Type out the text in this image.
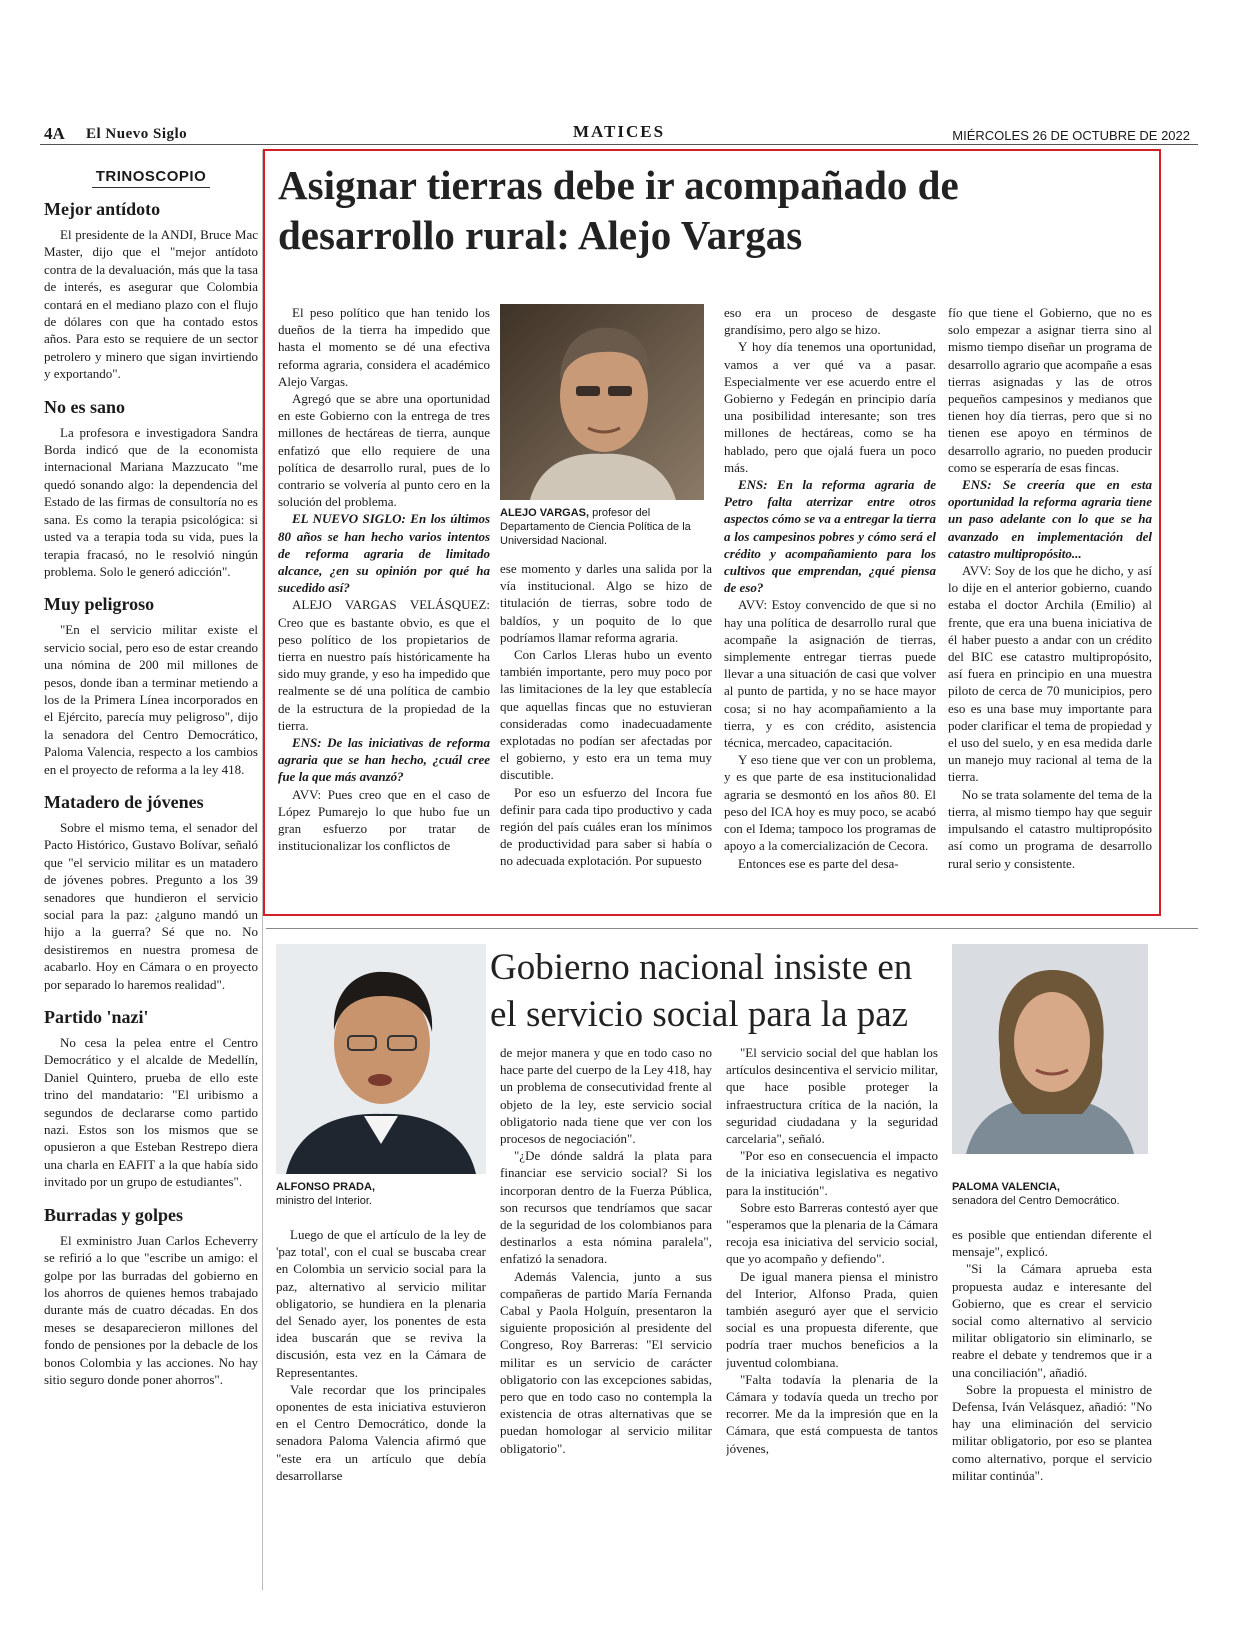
4A El Nuevo Siglo	MATICES	MIÉRCOLES 26 DE OCTUBRE DE 2022
TRINOSCOPIO
Mejor antídoto

El presidente de la ANDI, Bruce Mac Master, dijo que el "mejor antídoto contra de la devaluación, más que la tasa de interés, es asegurar que Colombia contará en el mediano plazo con el flujo de dólares con que ha contado estos años. Para esto se requiere de un sector petrolero y minero que sigan invirtiendo y exportando".

No es sano

La profesora e investigadora Sandra Borda indicó que de la economista internacional Mariana Mazzucato "me quedó sonando algo: la dependencia del Estado de las firmas de consultoría no es sana. Es como la terapia psicológica: si usted va a terapia toda su vida, pues la terapia fracasó, no le resolvió ningún problema. Solo le generó adicción".

Muy peligroso

"En el servicio militar existe el servicio social, pero eso de estar creando una nómina de 200 mil millones de pesos, donde iban a terminar metiendo a los de la Primera Línea incorporados en el Ejército, parecía muy peligroso", dijo la senadora del Centro Democrático, Paloma Valencia, respecto a los cambios en el proyecto de reforma a la ley 418.

Matadero de jóvenes

Sobre el mismo tema, el senador del Pacto Histórico, Gustavo Bolívar, señaló que "el servicio militar es un matadero de jóvenes pobres. Pregunto a los 39 senadores que hundieron el servicio social para la paz: ¿alguno mandó un hijo a la guerra? Sé que no. No desistiremos en nuestra promesa de acabarlo. Hoy en Cámara o en proyecto por separado lo haremos realidad".

Partido 'nazi'

No cesa la pelea entre el Centro Democrático y el alcalde de Medellín, Daniel Quintero, prueba de ello este trino del mandatario: "El uribismo a segundos de declararse como partido nazi. Estos son los mismos que se opusieron a que Esteban Restrepo diera una charla en EAFIT a la que había sido invitado por un grupo de estudiantes".

Burradas y golpes

El exministro Juan Carlos Echeverry se refirió a lo que "escribe un amigo: el golpe por las burradas del gobierno en los ahorros de quienes hemos trabajado durante más de cuatro décadas. En dos meses se desaparecieron millones del fondo de pensiones por la debacle de los bonos Colombia y las acciones. No hay sitio seguro donde poner ahorros".

Asignar tierras debe ir acompañado de desarrollo rural: Alejo Vargas

El peso político que han tenido los dueños de la tierra ha impedido que hasta el momento se dé una efectiva reforma agraria, considera el académico Alejo Vargas.

Agregó que se abre una oportunidad en este Gobierno con la entrega de tres millones de hectáreas de tierra, aunque enfatizó que ello requiere de una política de desarrollo rural, pues de lo contrario se volvería al punto cero en la solución del problema.

EL NUEVO SIGLO: En los últimos 80 años se han hecho varios intentos de reforma agraria de limitado alcance, ¿en su opinión por qué ha sucedido así?

ALEJO VARGAS VELÁSQUEZ: Creo que es bastante obvio, es que el peso político de los propietarios de tierra en nuestro país históricamente ha sido muy grande, y eso ha impedido que realmente se dé una política de cambio de la estructura de la propiedad de la tierra.

ENS: De las iniciativas de reforma agraria que se han hecho, ¿cuál cree fue la que más avanzó?

AVV: Pues creo que en el caso de López Pumarejo lo que hubo fue un gran esfuerzo por tratar de institucionalizar los conflictos de

ALEJO VARGAS, profesor del Departamento de Ciencia Política de la Universidad Nacional.

ese momento y darles una salida por la vía institucional. Algo se hizo de titulación de tierras, sobre todo de baldíos, y un poquito de lo que podríamos llamar reforma agraria.

Con Carlos Lleras hubo un evento también importante, pero muy poco por las limitaciones de la ley que establecía que aquellas fincas que no estuvieran consideradas como inadecuadamente explotadas no podían ser afectadas por el gobierno, y esto era un tema muy discutible.

Por eso un esfuerzo del Incora fue definir para cada tipo productivo y cada región del país cuáles eran los mínimos de productividad para saber si había o no adecuada explotación. Por supuesto

eso era un proceso de desgaste grandísimo, pero algo se hizo.

Y hoy día tenemos una oportunidad, vamos a ver qué va a pasar. Especialmente ver ese acuerdo entre el Gobierno y Fedegán en principio daría una posibilidad interesante; son tres millones de hectáreas, como se ha hablado, pero que ojalá fuera un poco más.

ENS: En la reforma agraria de Petro falta aterrizar entre otros aspectos cómo se va a entregar la tierra a los campesinos pobres y cómo será el crédito y acompañamiento para los cultivos que emprendan, ¿qué piensa de eso?

AVV: Estoy convencido de que si no hay una política de desarrollo rural que acompañe la asignación de tierras, simplemente entregar tierras puede llevar a una situación de casi que volver al punto de partida, y no se hace mayor cosa; si no hay acompañamiento a la tierra, y es con crédito, asistencia técnica, mercadeo, capacitación.

Y eso tiene que ver con un problema, y es que parte de esa institucionalidad agraria se desmontó en los años 80. El peso del ICA hoy es muy poco, se acabó con el Idema; tampoco los programas de apoyo a la comercialización de Cecora.

Entonces ese es parte del desa-

fío que tiene el Gobierno, que no es solo empezar a asignar tierra sino al mismo tiempo diseñar un programa de desarrollo agrario que acompañe a esas tierras asignadas y las de otros pequeños campesinos y medianos que tienen hoy día tierras, pero que si no tienen ese apoyo en términos de desarrollo agrario, no pueden producir como se esperaría de esas fincas.

ENS: Se creería que en esta oportunidad la reforma agraria tiene un paso adelante con lo que se ha avanzado en implementación del catastro multipropósito...

AVV: Soy de los que he dicho, y así lo dije en el anterior gobierno, cuando estaba el doctor Archila (Emilio) al frente, que era una buena iniciativa de él haber puesto a andar con un crédito del BIC ese catastro multipropósito, así fuera en principio en una muestra piloto de cerca de 70 municipios, pero eso es una base muy importante para poder clarificar el tema de propiedad y el uso del suelo, y en esa medida darle un manejo muy racional al tema de la tierra.

No se trata solamente del tema de la tierra, al mismo tiempo hay que seguir impulsando el catastro multipropósito así como un programa de desarrollo rural serio y consistente.

ALFONSO PRADA,
ministro del Interior.
Gobierno nacional insiste en el servicio social para la paz
PALOMA VALENCIA,
senadora del Centro Democrático.

Luego de que el artículo de la ley de 'paz total', con el cual se buscaba crear en Colombia un servicio social para la paz, alternativo al servicio militar obligatorio, se hundiera en la plenaria del Senado ayer, los ponentes de esta idea buscarán que se reviva la discusión, esta vez en la Cámara de Representantes.

Vale recordar que los principales oponentes de esta iniciativa estuvieron en el Centro Democrático, donde la senadora Paloma Valencia afirmó que "este era un artículo que debía desarrollarse

de mejor manera y que en todo caso no hace parte del cuerpo de la Ley 418, hay un problema de consecutividad frente al objeto de la ley, este servicio social obligatorio nada tiene que ver con los procesos de negociación".

"¿De dónde saldrá la plata para financiar ese servicio social? Si los incorporan dentro de la Fuerza Pública, son recursos que tendríamos que sacar de la seguridad de los colombianos para destinarlos a esta nómina paralela", enfatizó la senadora.

Además Valencia, junto a sus compañeras de partido María Fernanda Cabal y Paola Holguín, presentaron la siguiente proposición al presidente del Congreso, Roy Barreras: "El servicio militar es un servicio de carácter obligatorio con las excepciones sabidas, pero que en todo caso no contempla la existencia de otras alternativas que se puedan homologar al servicio militar obligatorio".

"El servicio social del que hablan los artículos desincentiva el servicio militar, que hace posible proteger la infraestructura crítica de la nación, la seguridad ciudadana y la seguridad carcelaria", señaló.

"Por eso en consecuencia el impacto de la iniciativa legislativa es negativo para la institución".

Sobre esto Barreras contestó ayer que "esperamos que la plenaria de la Cámara recoja esa iniciativa del servicio social, que yo acompaño y defiendo".

De igual manera piensa el ministro del Interior, Alfonso Prada, quien también aseguró ayer que el servicio social es una propuesta diferente, que podría traer muchos beneficios a la juventud colombiana.

"Falta todavía la plenaria de la Cámara y todavía queda un trecho por recorrer. Me da la impresión que en la Cámara, que está compuesta de tantos jóvenes,

es posible que entiendan diferente el mensaje", explicó.

"Si la Cámara aprueba esta propuesta audaz e interesante del Gobierno, que es crear el servicio social como alternativo al servicio militar obligatorio sin eliminarlo, se reabre el debate y tendremos que ir a una conciliación", añadió.

Sobre la propuesta el ministro de Defensa, Iván Velásquez, añadió: "No hay una eliminación del servicio militar obligatorio, por eso se plantea como alternativo, porque el servicio militar continúa".
